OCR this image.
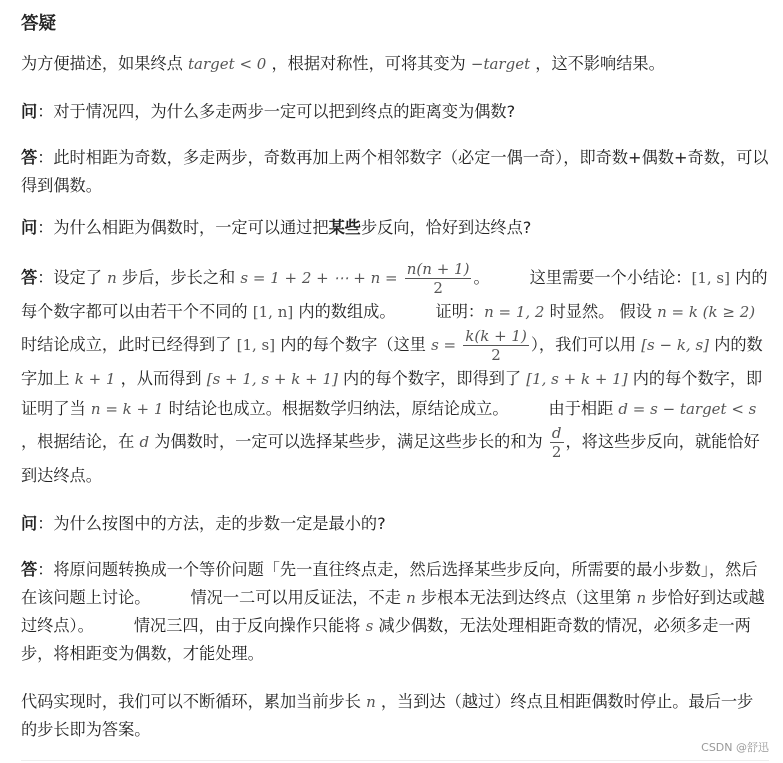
答疑

为方便描述，如果终点 target < 0 ，根据对称性，可将其变为 −target ，这不影响结果。

问：对于情况四，为什么多走两步一定可以把到终点的距离变为偶数?

答：此时相距为奇数，多走两步，奇数再加上两个相邻数字（必定一偶一奇），即奇数+偶数+奇数，可以得到偶数。

问：为什么相距为偶数时，一定可以通过把某些步反向，恰好到达终点?

答：设定了 n 步后，步长之和 s = 1 + 2 + ⋯ + $n = \frac{n(n + 1)}{2}$ 。 这里需要一个小结论：[1, s] 内的每个数字都可以由若干个不同的 [1, n] 内的数组成。 证明：n = 1, 2 时显然。 假设 n = k (k ≥ 2) 时结论成立，此时已经得到了 [1, s] 内的每个数字（这里 $s = \frac{k(k + 1)}{2}$ ），我们可以用 [s − k, s] 内的数字加上 k + 1 ，从而得到 [s + 1, s + k + 1] 内的每个数字，即得到了 [1, s + k + 1] 内的每个数字，即证明了当 n = k + 1 时结论也成立。根据数学归纳法，原结论成立。 由于相距 d = s − target < s ，根据结论，在 d 为偶数时，一定可以选择某些步，满足这些步长的和为 $\frac{d}{2}$ ，将这些步反向，就能恰好到达终点。

问：为什么按图中的方法，走的步数一定是最小的?

答：将原问题转换成一个等价问题「先一直往终点走，然后选择某些步反向，所需要的最小步数」，然后在该问题上讨论。 情况一二可以用反证法，不走 n 步根本无法到达终点（这里第 n 步恰好到达或越过终点）。 情况三四，由于反向操作只能将 s 减少偶数，无法处理相距奇数的情况，必须多走一两步，将相距变为偶数，才能处理。

代码实现时，我们可以不断循环，累加当前步长 n ，当到达（越过）终点且相距偶数时停止。最后一步的步长即为答案。

CSDN @舒迅
